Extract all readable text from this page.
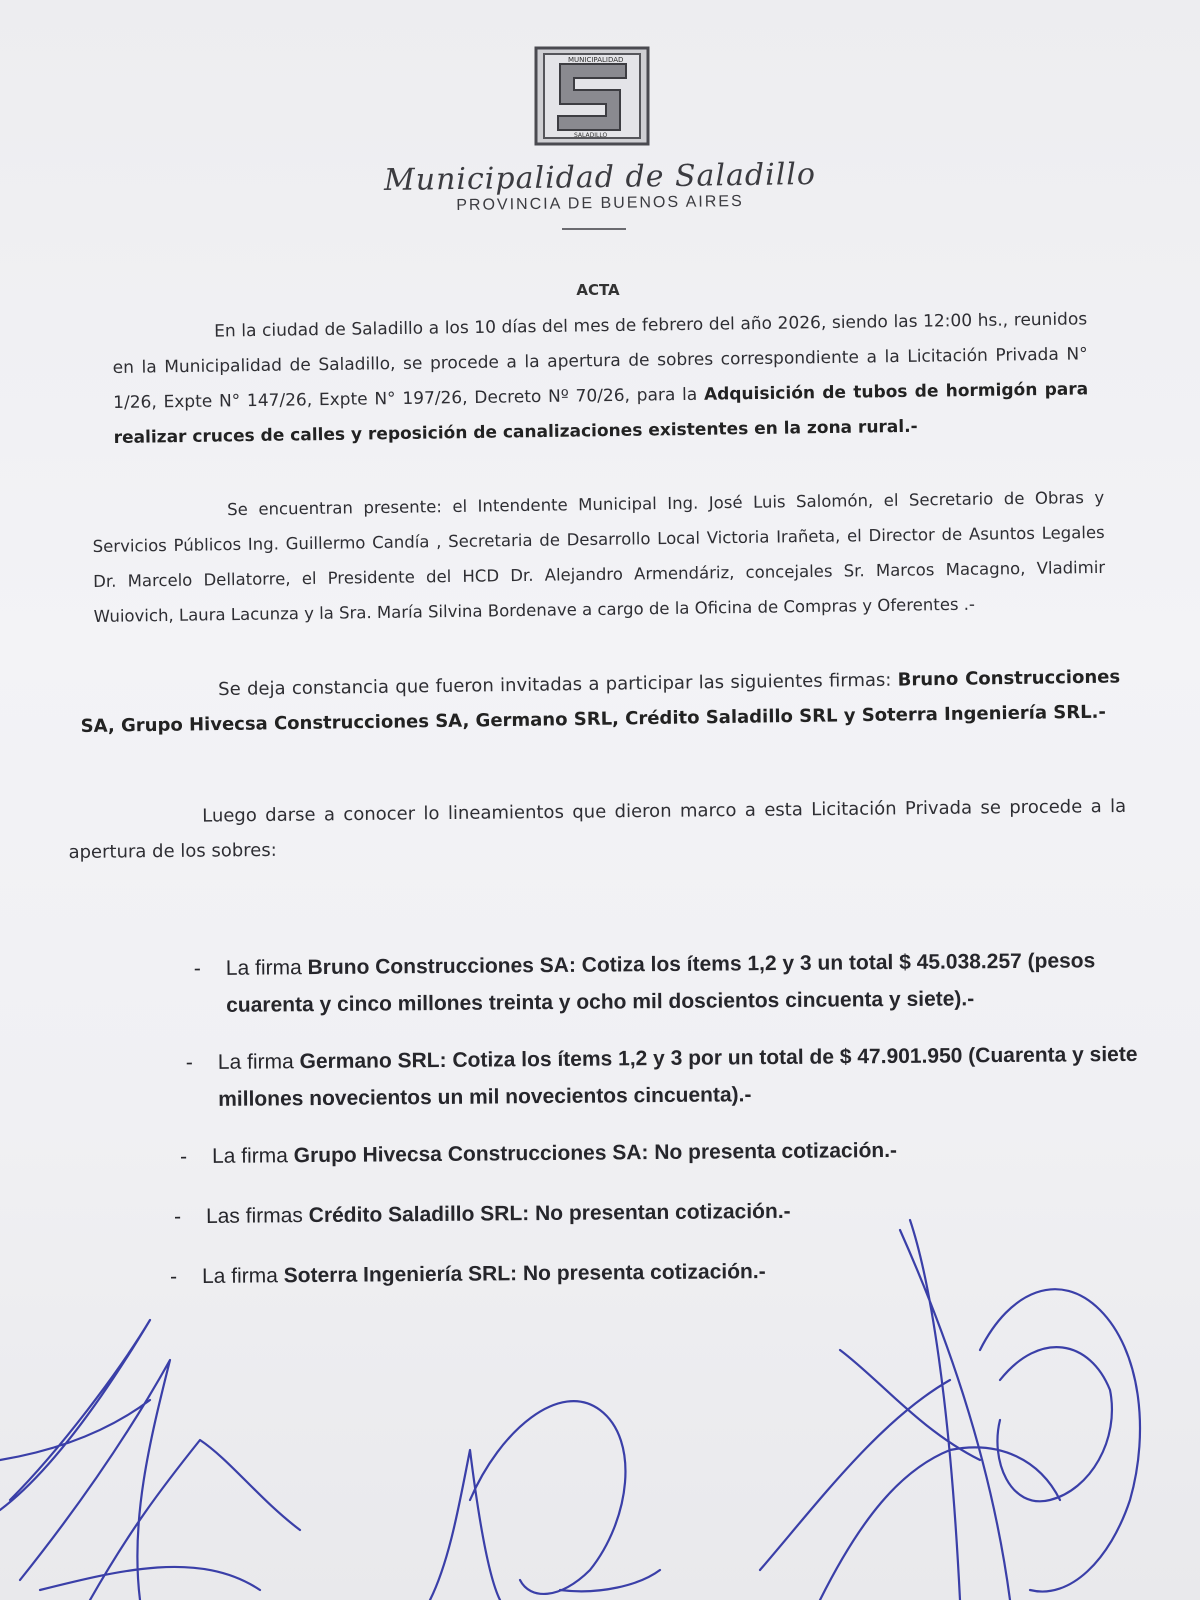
MUNICIPALIDAD
SALADILLO
Municipalidad de Saladillo
PROVINCIA DE BUENOS AIRES
ACTA
En la ciudad de Saladillo a los 10 días del mes de febrero del año 2026, siendo las 12:00 hs., reunidos en la Municipalidad de Saladillo, se procede a la apertura de sobres correspondiente a la Licitación Privada N° 1/26, Expte N° 147/26, Expte N° 197/26, Decreto Nº 70/26, para la Adquisición de tubos de hormigón para realizar cruces de calles y reposición de canalizaciones existentes en la zona rural.-
Se encuentran presente: el Intendente Municipal Ing. José Luis Salomón, el Secretario de Obras y Servicios Públicos Ing. Guillermo Candía , Secretaria de Desarrollo Local Victoria Irañeta, el Director de Asuntos Legales Dr. Marcelo Dellatorre, el Presidente del HCD Dr. Alejandro Armendáriz, concejales Sr. Marcos Macagno, Vladimir Wuiovich, Laura Lacunza y la Sra. María Silvina Bordenave a cargo de la Oficina de Compras y Oferentes .-
Se deja constancia que fueron invitadas a participar las siguientes firmas: Bruno Construcciones SA, Grupo Hivecsa Construcciones SA, Germano SRL, Crédito Saladillo SRL y Soterra Ingeniería SRL.-
Luego darse a conocer lo lineamientos que dieron marco a esta Licitación Privada se procede a la apertura de los sobres:
- La firma Bruno Construcciones SA: Cotiza los ítems 1,2 y 3 un total $ 45.038.257 (pesos cuarenta y cinco millones treinta y ocho mil doscientos cincuenta y siete).-
- La firma Germano SRL: Cotiza los ítems 1,2 y 3 por un total de $ 47.901.950 (Cuarenta y siete millones novecientos un mil novecientos cincuenta).-
- La firma Grupo Hivecsa Construcciones SA: No presenta cotización.-
- Las firmas Crédito Saladillo SRL: No presentan cotización.-
- La firma Soterra Ingeniería SRL: No presenta cotización.-
